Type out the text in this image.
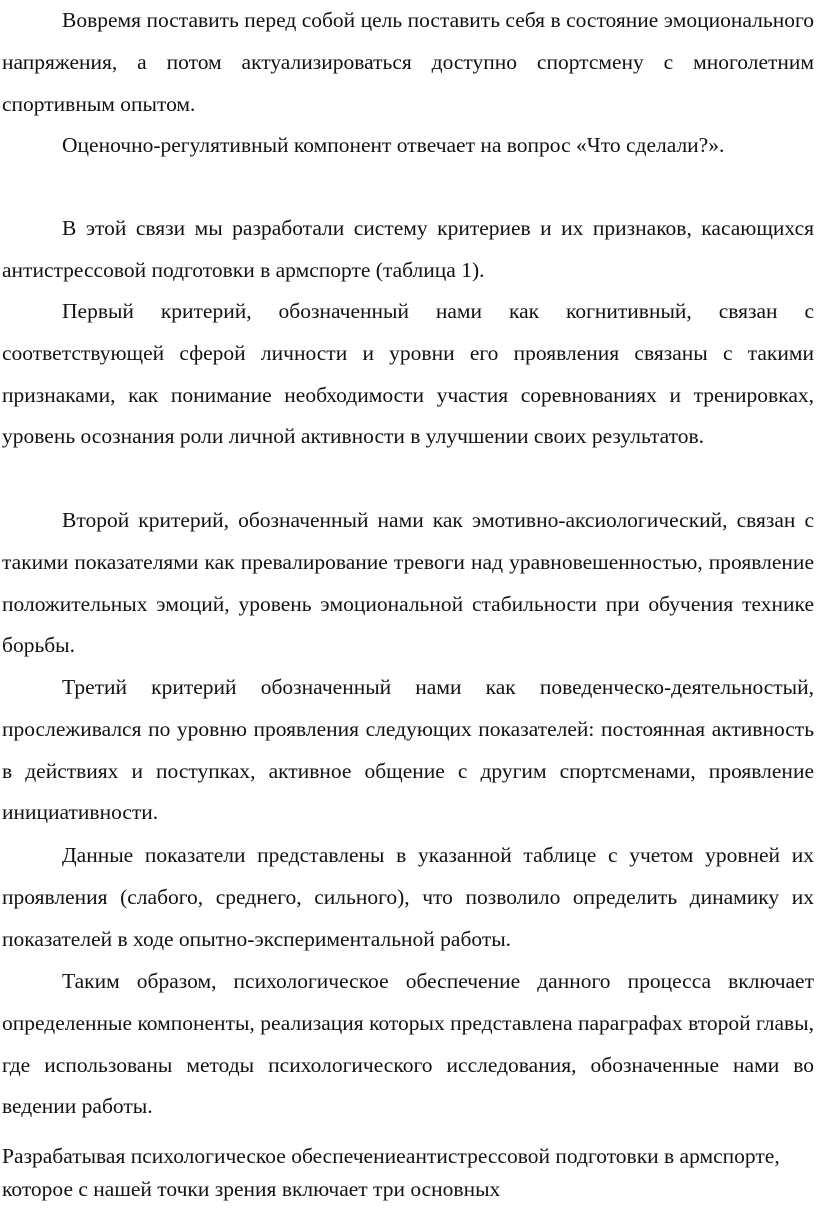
Вовремя поставить перед собой цель поставить себя в состояние эмоционального напряжения, а потом актуализироваться доступно спортсмену с многолетним спортивным опытом.

Оценочно-регулятивный компонент отвечает на вопрос «Что сделали?».

В этой связи мы разработали систему критериев и их признаков, касающихся антистрессовой подготовки в армспорте (таблица 1).

Первый критерий, обозначенный нами как когнитивный, связан с соответствующей сферой личности и уровни его проявления связаны с такими признаками, как понимание необходимости участия соревнованиях и тренировках, уровень осознания роли личной активности в улучшении своих результатов.

Второй критерий, обозначенный нами как эмотивно-аксиологический, связан с такими показателями как превалирование тревоги над уравновешенностью, проявление положительных эмоций, уровень эмоциональной стабильности при обучения технике борьбы.

Третий критерий обозначенный нами как поведенческо-деятельностый, прослеживался по уровню проявления следующих показателей: постоянная активность в действиях и поступках, активное общение с другим спортсменами, проявление инициативности.

Данные показатели представлены в указанной таблице с учетом уровней их проявления (слабого, среднего, сильного), что позволило определить динамику их показателей в ходе опытно-экспериментальной работы.

Таким образом, психологическое обеспечение данного процесса включает определенные компоненты, реализация которых представлена параграфах второй главы, где использованы методы психологического исследования, обозначенные нами во ведении работы.

Разрабатывая психологическое обеспечениеантистрессовой подготовки в армспорте, которое с нашей точки зрения включает три основных
